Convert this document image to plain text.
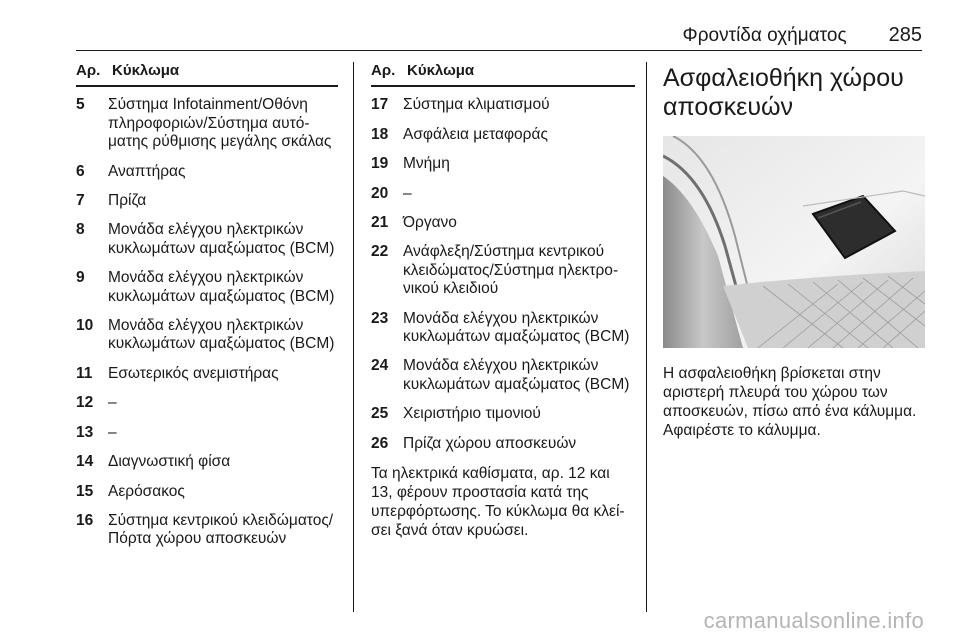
Φροντίδα οχήματος 285
Αρ. Κύκλωμα
5	Σύστημα Infotainment/Οθόνη πληροφοριών/Σύστημα αυτόματης ρύθμισης μεγάλης σκάλας
6	Αναπτήρας
7	Πρίζα
8	Μονάδα ελέγχου ηλεκτρικών κυκλωμάτων αμαξώματος (BCM)
9	Μονάδα ελέγχου ηλεκτρικών κυκλωμάτων αμαξώματος (BCM)
10 Μονάδα ελέγχου ηλεκτρικών κυκλωμάτων αμαξώματος (BCM)
11	Εσωτερικός ανεμιστήρας
12 –
13 –
14 Διαγνωστική φίσα
15 Αερόσακος
16 Σύστημα κεντρικού κλειδώματος/Πόρτα χώρου αποσκευών
Αρ. Κύκλωμα
17 Σύστημα κλιματισμού
18 Ασφάλεια μεταφοράς
19 Μνήμη
20 –
21 Όργανο
22 Ανάφλεξη/Σύστημα κεντρικού κλειδώματος/Σύστημα ηλεκτρονικού κλειδιού
23 Μονάδα ελέγχου ηλεκτρικών κυκλωμάτων αμαξώματος (BCM)
24 Μονάδα ελέγχου ηλεκτρικών κυκλωμάτων αμαξώματος (BCM)
25 Χειριστήριο τιμονιού
26 Πρίζα χώρου αποσκευών
Τα ηλεκτρικά καθίσματα, αρ. 12 και 13, φέρουν προστασία κατά της υπερφόρτωσης. Το κύκλωμα θα κλείσει ξανά όταν κρυώσει.
Ασφαλειοθήκη χώρου αποσκευών
Η ασφαλειοθήκη βρίσκεται στην αριστερή πλευρά του χώρου των αποσκευών, πίσω από ένα κάλυμμα. Αφαιρέστε το κάλυμμα.
carmanualsonline.info
